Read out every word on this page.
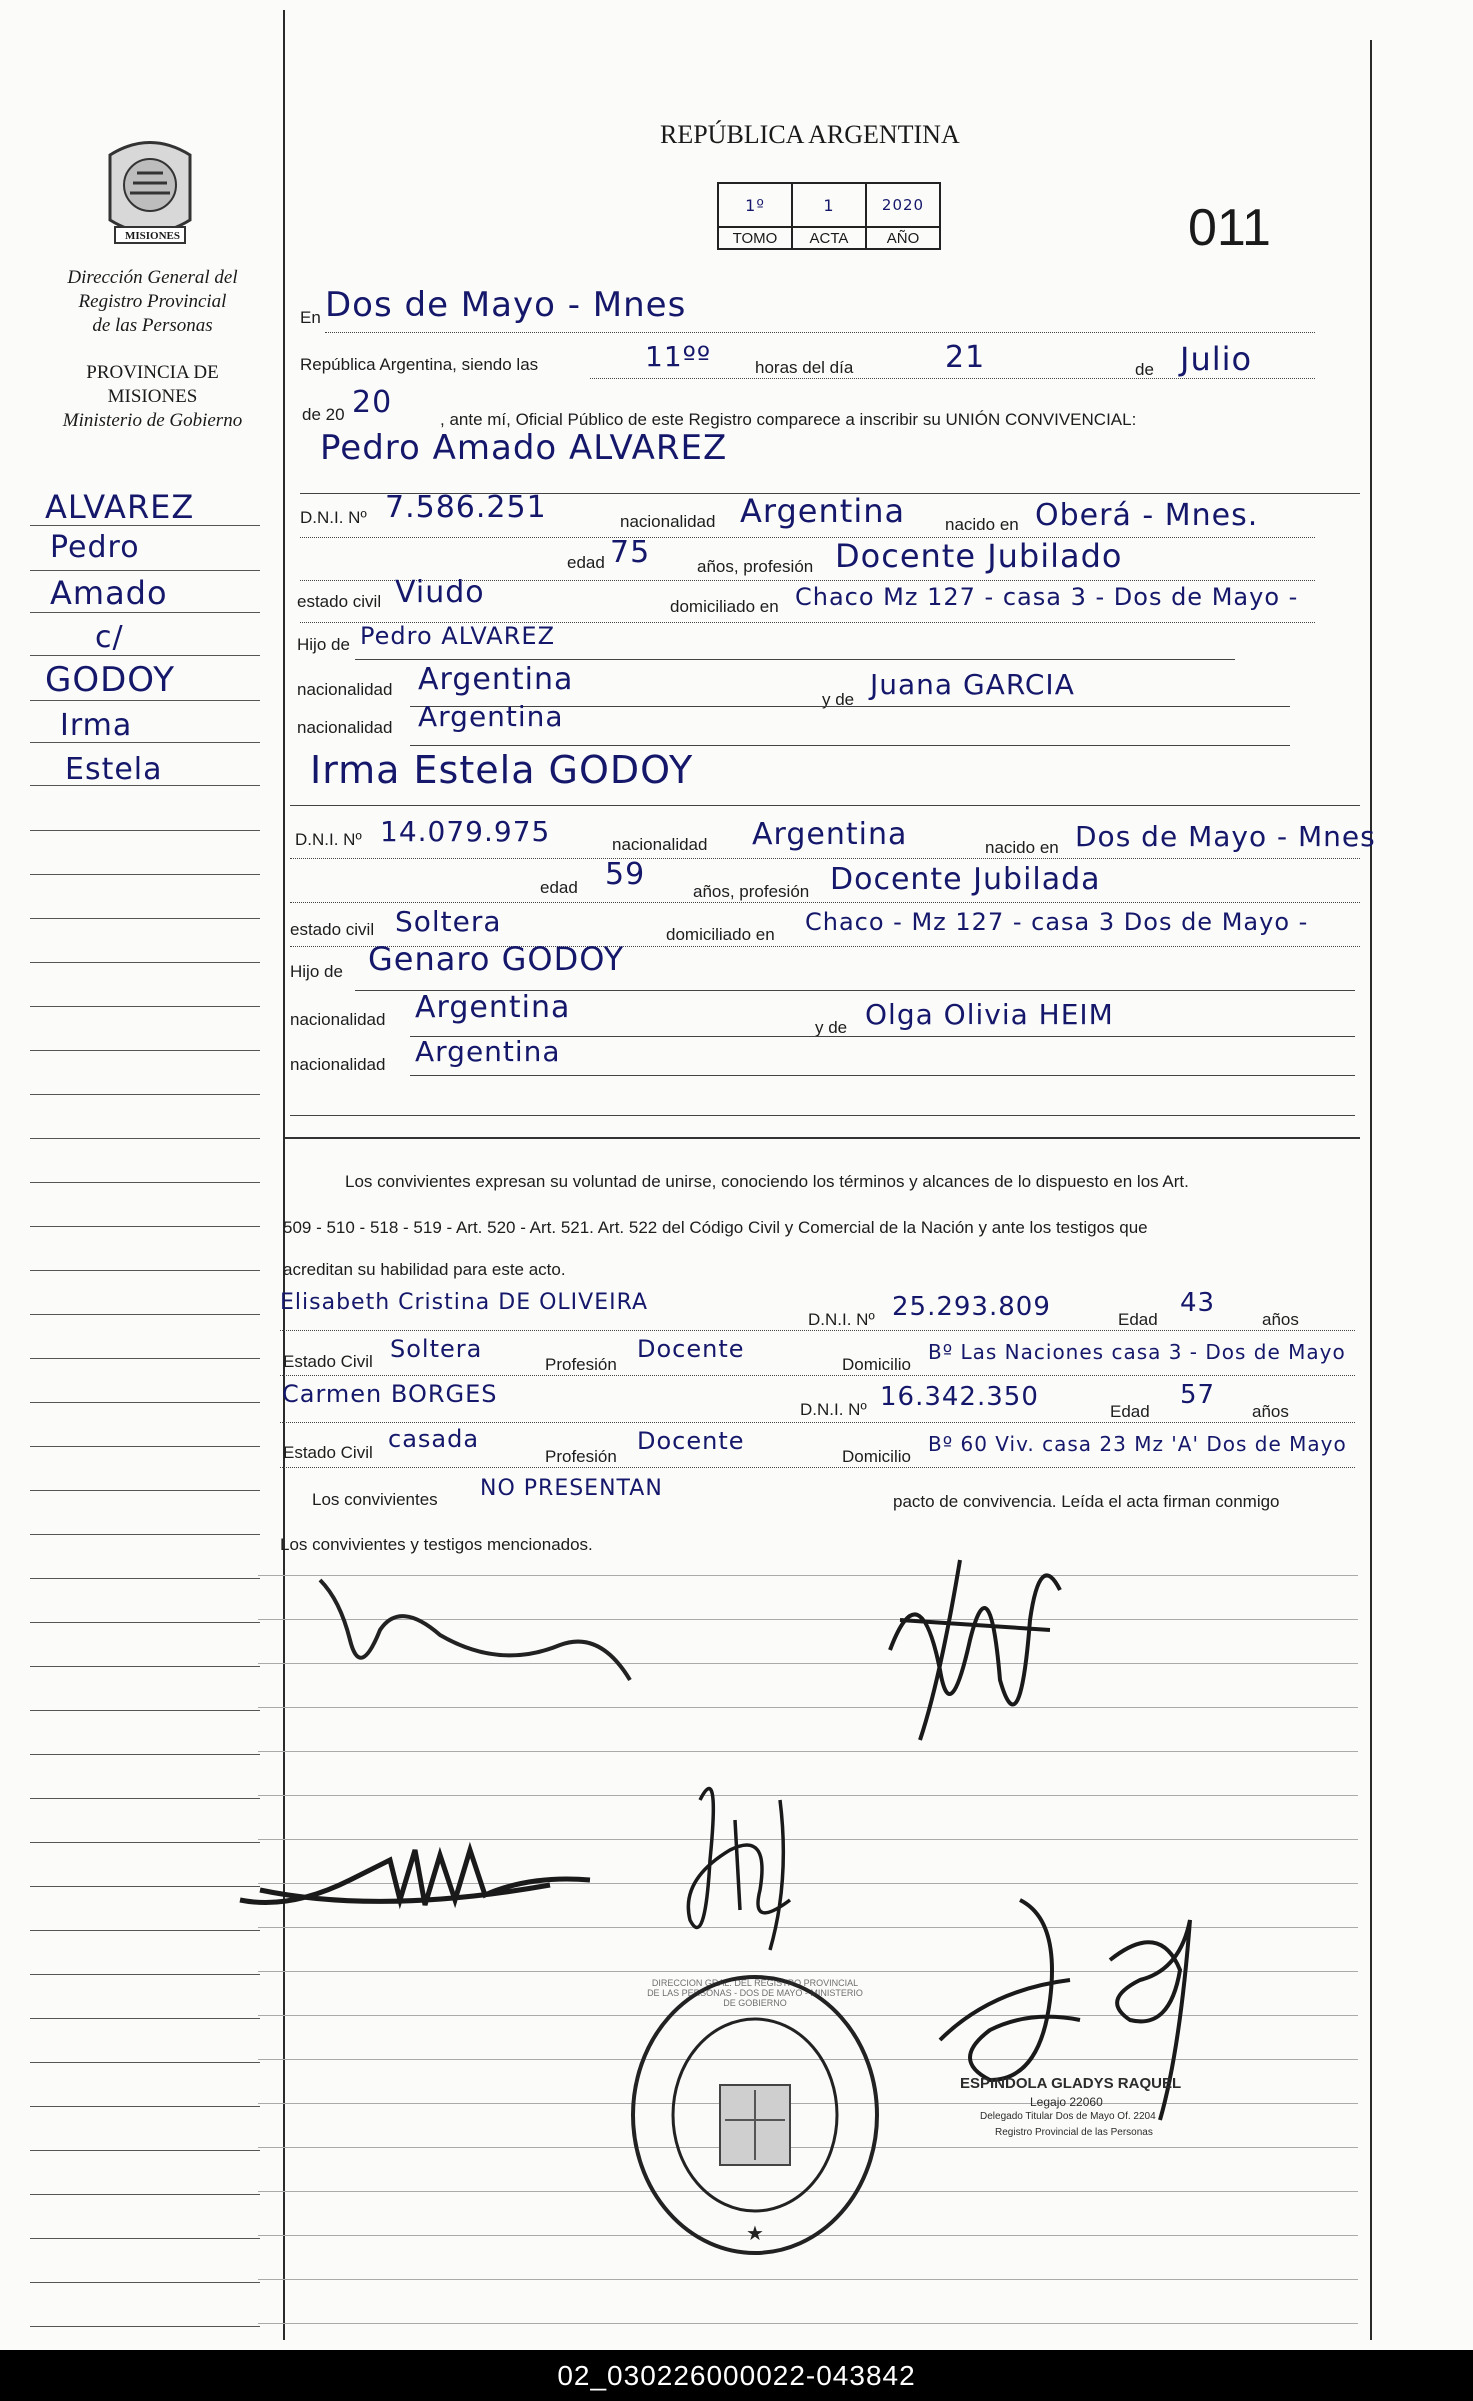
MISIONES
Dirección General del
Registro Provincial
de las Personas
PROVINCIA DE
MISIONES
Ministerio de Gobierno
ALVAREZ
Pedro
Amado
c/
GODOY
Irma
Estela
REPÚBLICA ARGENTINA
1º	1	2020
TOMO	ACTA	AÑO	011
En Dos de Mayo - Mnes
República Argentina, siendo las	11ºº	horas del día	21	de Julio
de 20 20	, ante mí, Oficial Público de este Registro comparece a inscribir su UNIÓN CONVIVENCIAL:
Pedro Amado ALVAREZ
D.N.I. Nº 7.586.251	nacionalidad Argentina nacido en Oberá - Mnes.
edad 75	años, profesión Docente Jubilado
estado civil Viudo	domiciliado en Chaco Mz 127 - casa 3 - Dos de Mayo -
Hijo de Pedro ALVAREZ
nacionalidad Argentina
y de Juana GARCIA
nacionalidad Argentina
Irma Estela GODOY
D.N.I. Nº 14.079.975	nacionalidad Argentina	nacido en Dos de Mayo - Mnes
edad 59	años, profesión Docente Jubilada
estado civil Soltera	domiciliado en Chaco - Mz 127 - casa 3 Dos de Mayo -
Hijo de Genaro GODOY
nacionalidad Argentina
y de Olga Olivia HEIM
nacionalidad Argentina
Los convivientes expresan su voluntad de unirse, conociendo los términos y alcances de lo dispuesto en los Art.
509 - 510 - 518 - 519 - Art. 520 - Art. 521. Art. 522 del Código Civil y Comercial de la Nación y ante los testigos que
acreditan su habilidad para este acto.
Elisabeth Cristina DE OLIVEIRA
D.N.I. Nº 25.293.809	Edad
43
años
Estado Civil Soltera
Profesión
Docente
Domicilio
Bº Las Naciones casa 3 - Dos de Mayo
Carmen BORGES
D.N.I. Nº 16.342.350	Edad
57
años
Estado Civil casada
Profesión
Docente
Domicilio
Bº 60 Viv. casa 23 Mz 'A' Dos de Mayo
Los convivientes NO PRESENTAN
pacto de convivencia. Leída el acta firman conmigo
Los convivientes y testigos mencionados.
★
DIRECCION GRAL. DEL REGISTRO PROVINCIAL DE LAS PERSONAS - DOS DE MAYO - MINISTERIO DE GOBIERNO
ESPINDOLA GLADYS RAQUEL
Legajo 22060
Delegado Titular Dos de Mayo Of. 2204
Registro Provincial de las Personas
02_030226000022-043842
